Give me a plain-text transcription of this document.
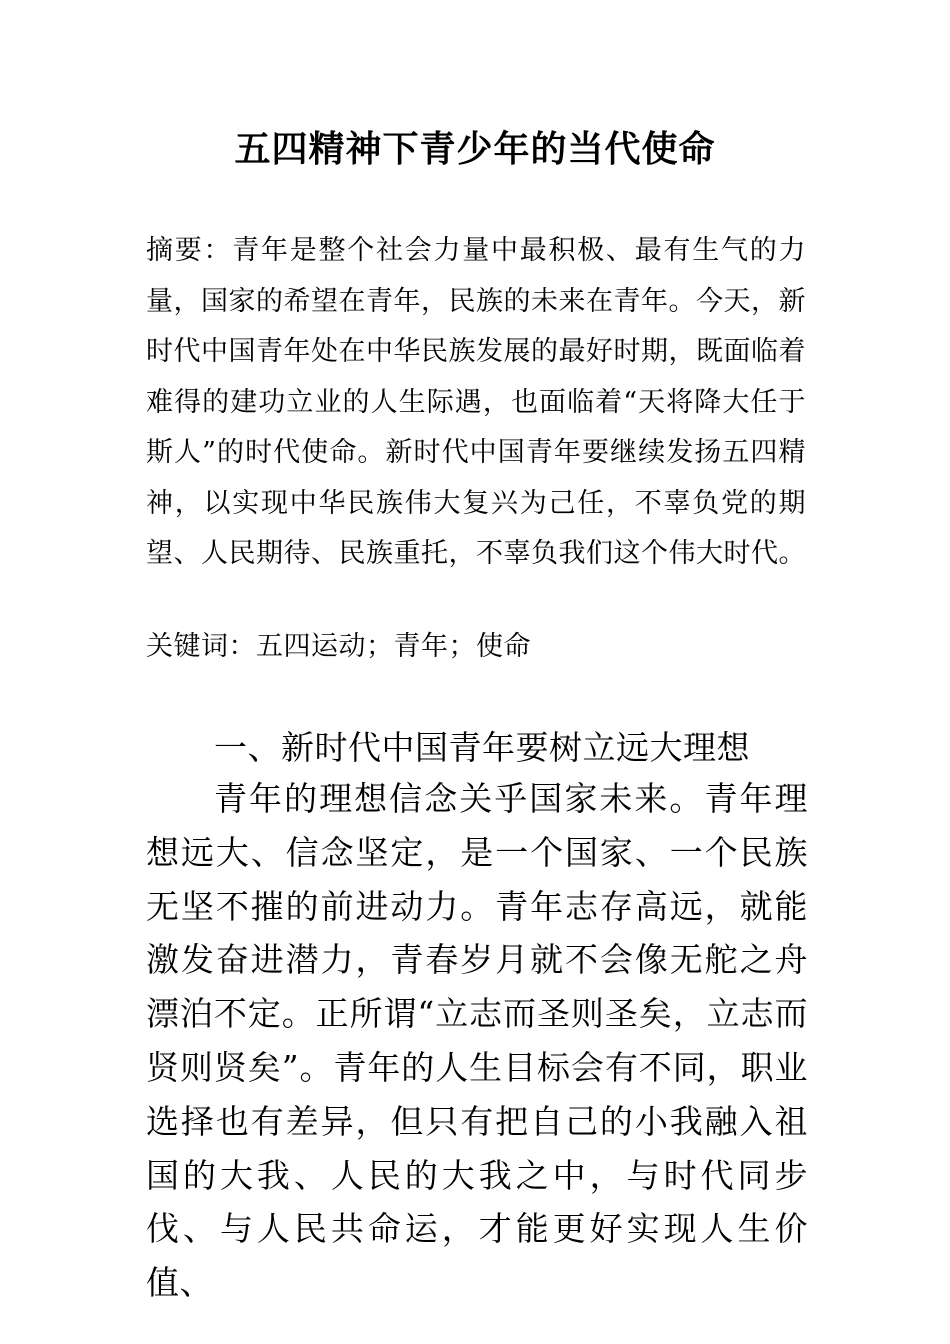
五四精神下青少年的当代使命

摘要：青年是整个社会力量中最积极、最有生气的力量，国家的希望在青年，民族的未来在青年。今天，新时代中国青年处在中华民族发展的最好时期，既面临着难得的建功立业的人生际遇，也面临着“天将降大任于斯人”的时代使命。新时代中国青年要继续发扬五四精神，以实现中华民族伟大复兴为己任，不辜负党的期望、人民期待、民族重托，不辜负我们这个伟大时代。

关键词：五四运动；青年；使命
一、新时代中国青年要树立远大理想

青年的理想信念关乎国家未来。青年理想远大、信念坚定，是一个国家、一个民族无坚不摧的前进动力。青年志存高远，就能激发奋进潜力，青春岁月就不会像无舵之舟漂泊不定。正所谓“立志而圣则圣矣，立志而贤则贤矣”。青年的人生目标会有不同，职业选择也有差异，但只有把自己的小我融入祖国的大我、人民的大我之中，与时代同步伐、与人民共命运，才能更好实现人生价值、
